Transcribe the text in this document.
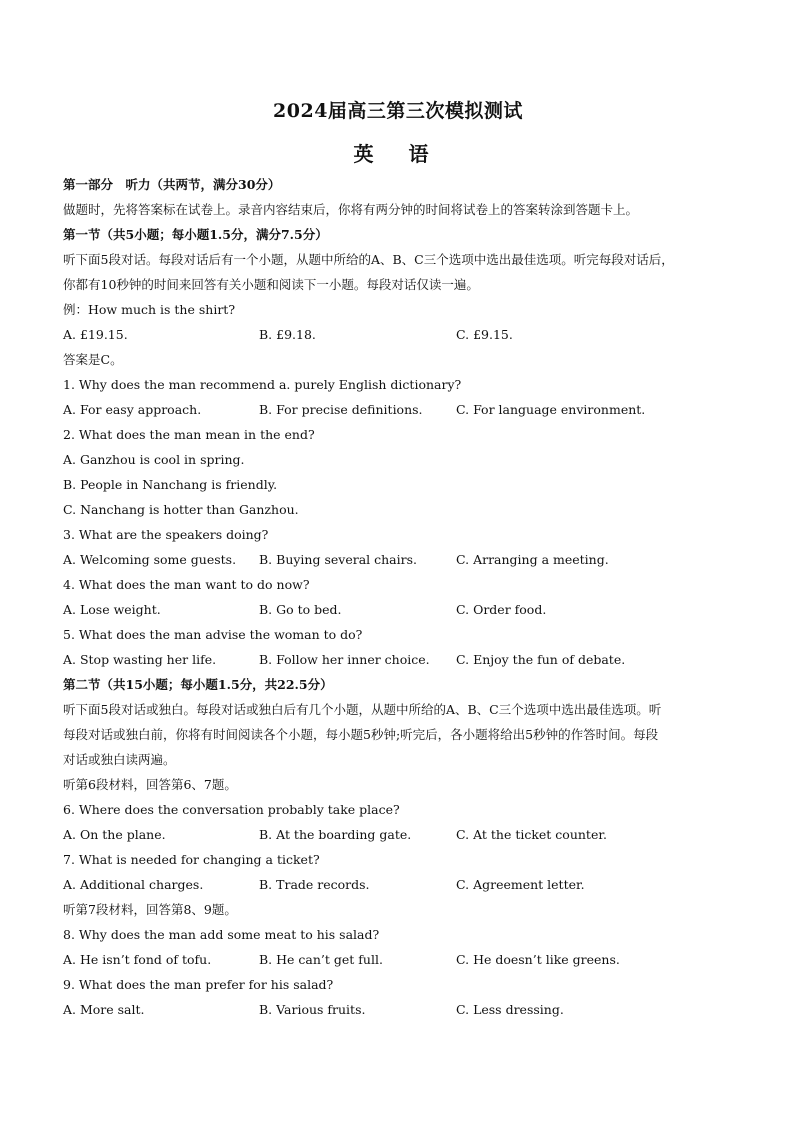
2024届高三第三次模拟测试
英 语
第一部分　听力（共两节，满分30分）
做题时，先将答案标在试卷上。录音内容结束后，你将有两分钟的时间将试卷上的答案转涂到答题卡上。
第一节（共5小题；每小题1.5分，满分7.5分）
听下面5段对话。每段对话后有一个小题，从题中所给的A、B、C三个选项中选出最佳选项。听完每段对话后，
你都有10秒钟的时间来回答有关小题和阅读下一小题。每段对话仅读一遍。
例：How much is the shirt?
A. £19.15.	B. £9.18.	C. £9.15.
答案是C。
1. Why does the man recommend a. purely English dictionary?
A. For easy approach.	B. For precise definitions.	C. For language environment.
2. What does the man mean in the end?
A. Ganzhou is cool in spring.
B. People in Nanchang is friendly.
C. Nanchang is hotter than Ganzhou.
3. What are the speakers doing?
A. Welcoming some guests.	B. Buying several chairs.	C. Arranging a meeting.
4. What does the man want to do now?
A. Lose weight.	B. Go to bed.	C. Order food.
5. What does the man advise the woman to do?
A. Stop wasting her life.	B. Follow her inner choice.	C. Enjoy the fun of debate.
第二节（共15小题；每小题1.5分，共22.5分）
听下面5段对话或独白。每段对话或独白后有几个小题，从题中所给的A、B、C三个选项中选出最佳选项。听
每段对话或独白前，你将有时间阅读各个小题，每小题5秒钟;听完后，各小题将给出5秒钟的作答时间。每段
对话或独白读两遍。
听第6段材料，回答第6、7题。
6. Where does the conversation probably take place?
A. On the plane.	B. At the boarding gate.	C. At the ticket counter.
7. What is needed for changing a ticket?
A. Additional charges.	B. Trade records.	C. Agreement letter.
听第7段材料，回答第8、9题。
8. Why does the man add some meat to his salad?
A. He isn’t fond of tofu.	B. He can’t get full.	C. He doesn’t like greens.
9. What does the man prefer for his salad?
A. More salt.	B. Various fruits.	C. Less dressing.
